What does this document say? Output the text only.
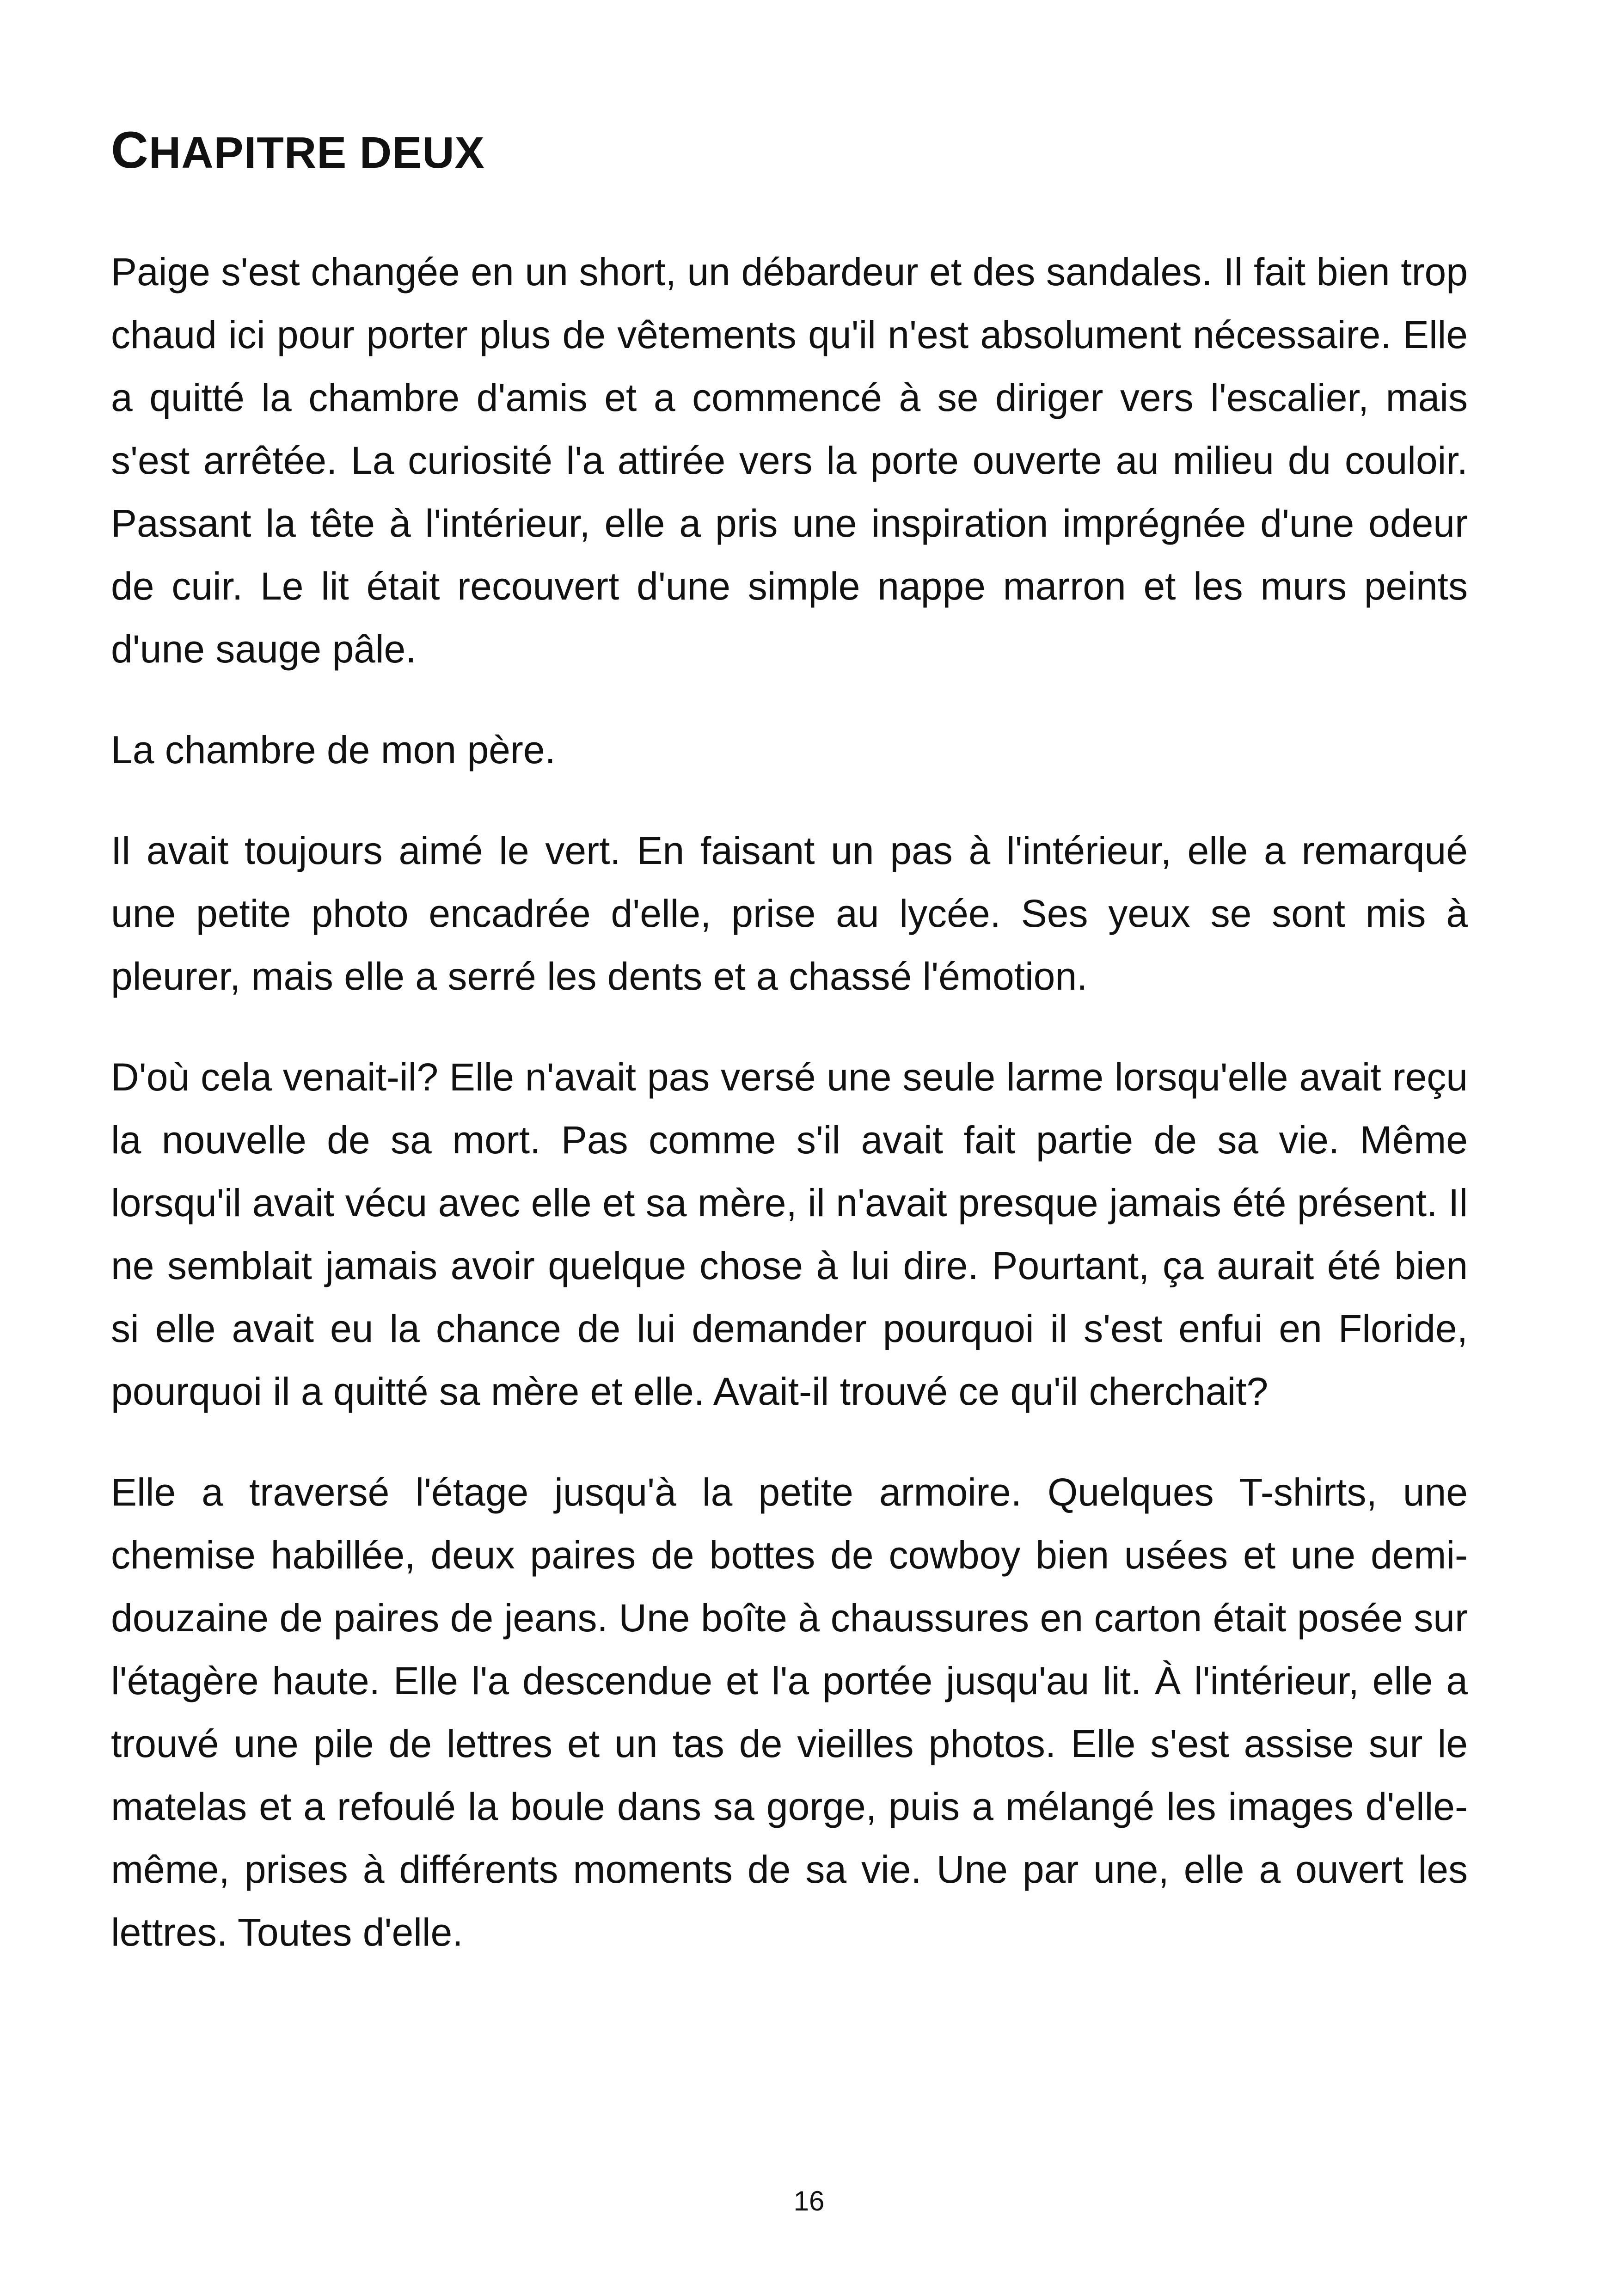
CHAPITRE DEUX

Paige s'est changée en un short, un débardeur et des sandales. Il fait bien trop chaud ici pour porter plus de vêtements qu'il n'est absolument nécessaire. Elle a quitté la chambre d'amis et a commencé à se diriger vers l'escalier, mais s'est arrêtée. La curiosité l'a attirée vers la porte ouverte au milieu du couloir. Passant la tête à l'intérieur, elle a pris une inspiration imprégnée d'une odeur de cuir. Le lit était recouvert d'une simple nappe marron et les murs peints d'une sauge pâle.

La chambre de mon père.

Il avait toujours aimé le vert. En faisant un pas à l'intérieur, elle a remarqué une petite photo encadrée d'elle, prise au lycée. Ses yeux se sont mis à pleurer, mais elle a serré les dents et a chassé l'émotion.

D'où cela venait-il? Elle n'avait pas versé une seule larme lorsqu'elle avait reçu la nouvelle de sa mort. Pas comme s'il avait fait partie de sa vie. Même lorsqu'il avait vécu avec elle et sa mère, il n'avait presque jamais été présent. Il ne semblait jamais avoir quelque chose à lui dire. Pourtant, ça aurait été bien si elle avait eu la chance de lui demander pourquoi il s'est enfui en Floride, pourquoi il a quitté sa mère et elle. Avait-il trouvé ce qu'il cherchait?

Elle a traversé l'étage jusqu'à la petite armoire. Quelques T-shirts, une chemise habillée, deux paires de bottes de cowboy bien usées et une demi-douzaine de paires de jeans. Une boîte à chaussures en carton était posée sur l'étagère haute. Elle l'a descendue et l'a portée jusqu'au lit. À l'intérieur, elle a trouvé une pile de lettres et un tas de vieilles photos. Elle s'est assise sur le matelas et a refoulé la boule dans sa gorge, puis a mélangé les images d'elle-même, prises à différents moments de sa vie. Une par une, elle a ouvert les lettres. Toutes d'elle.

16
